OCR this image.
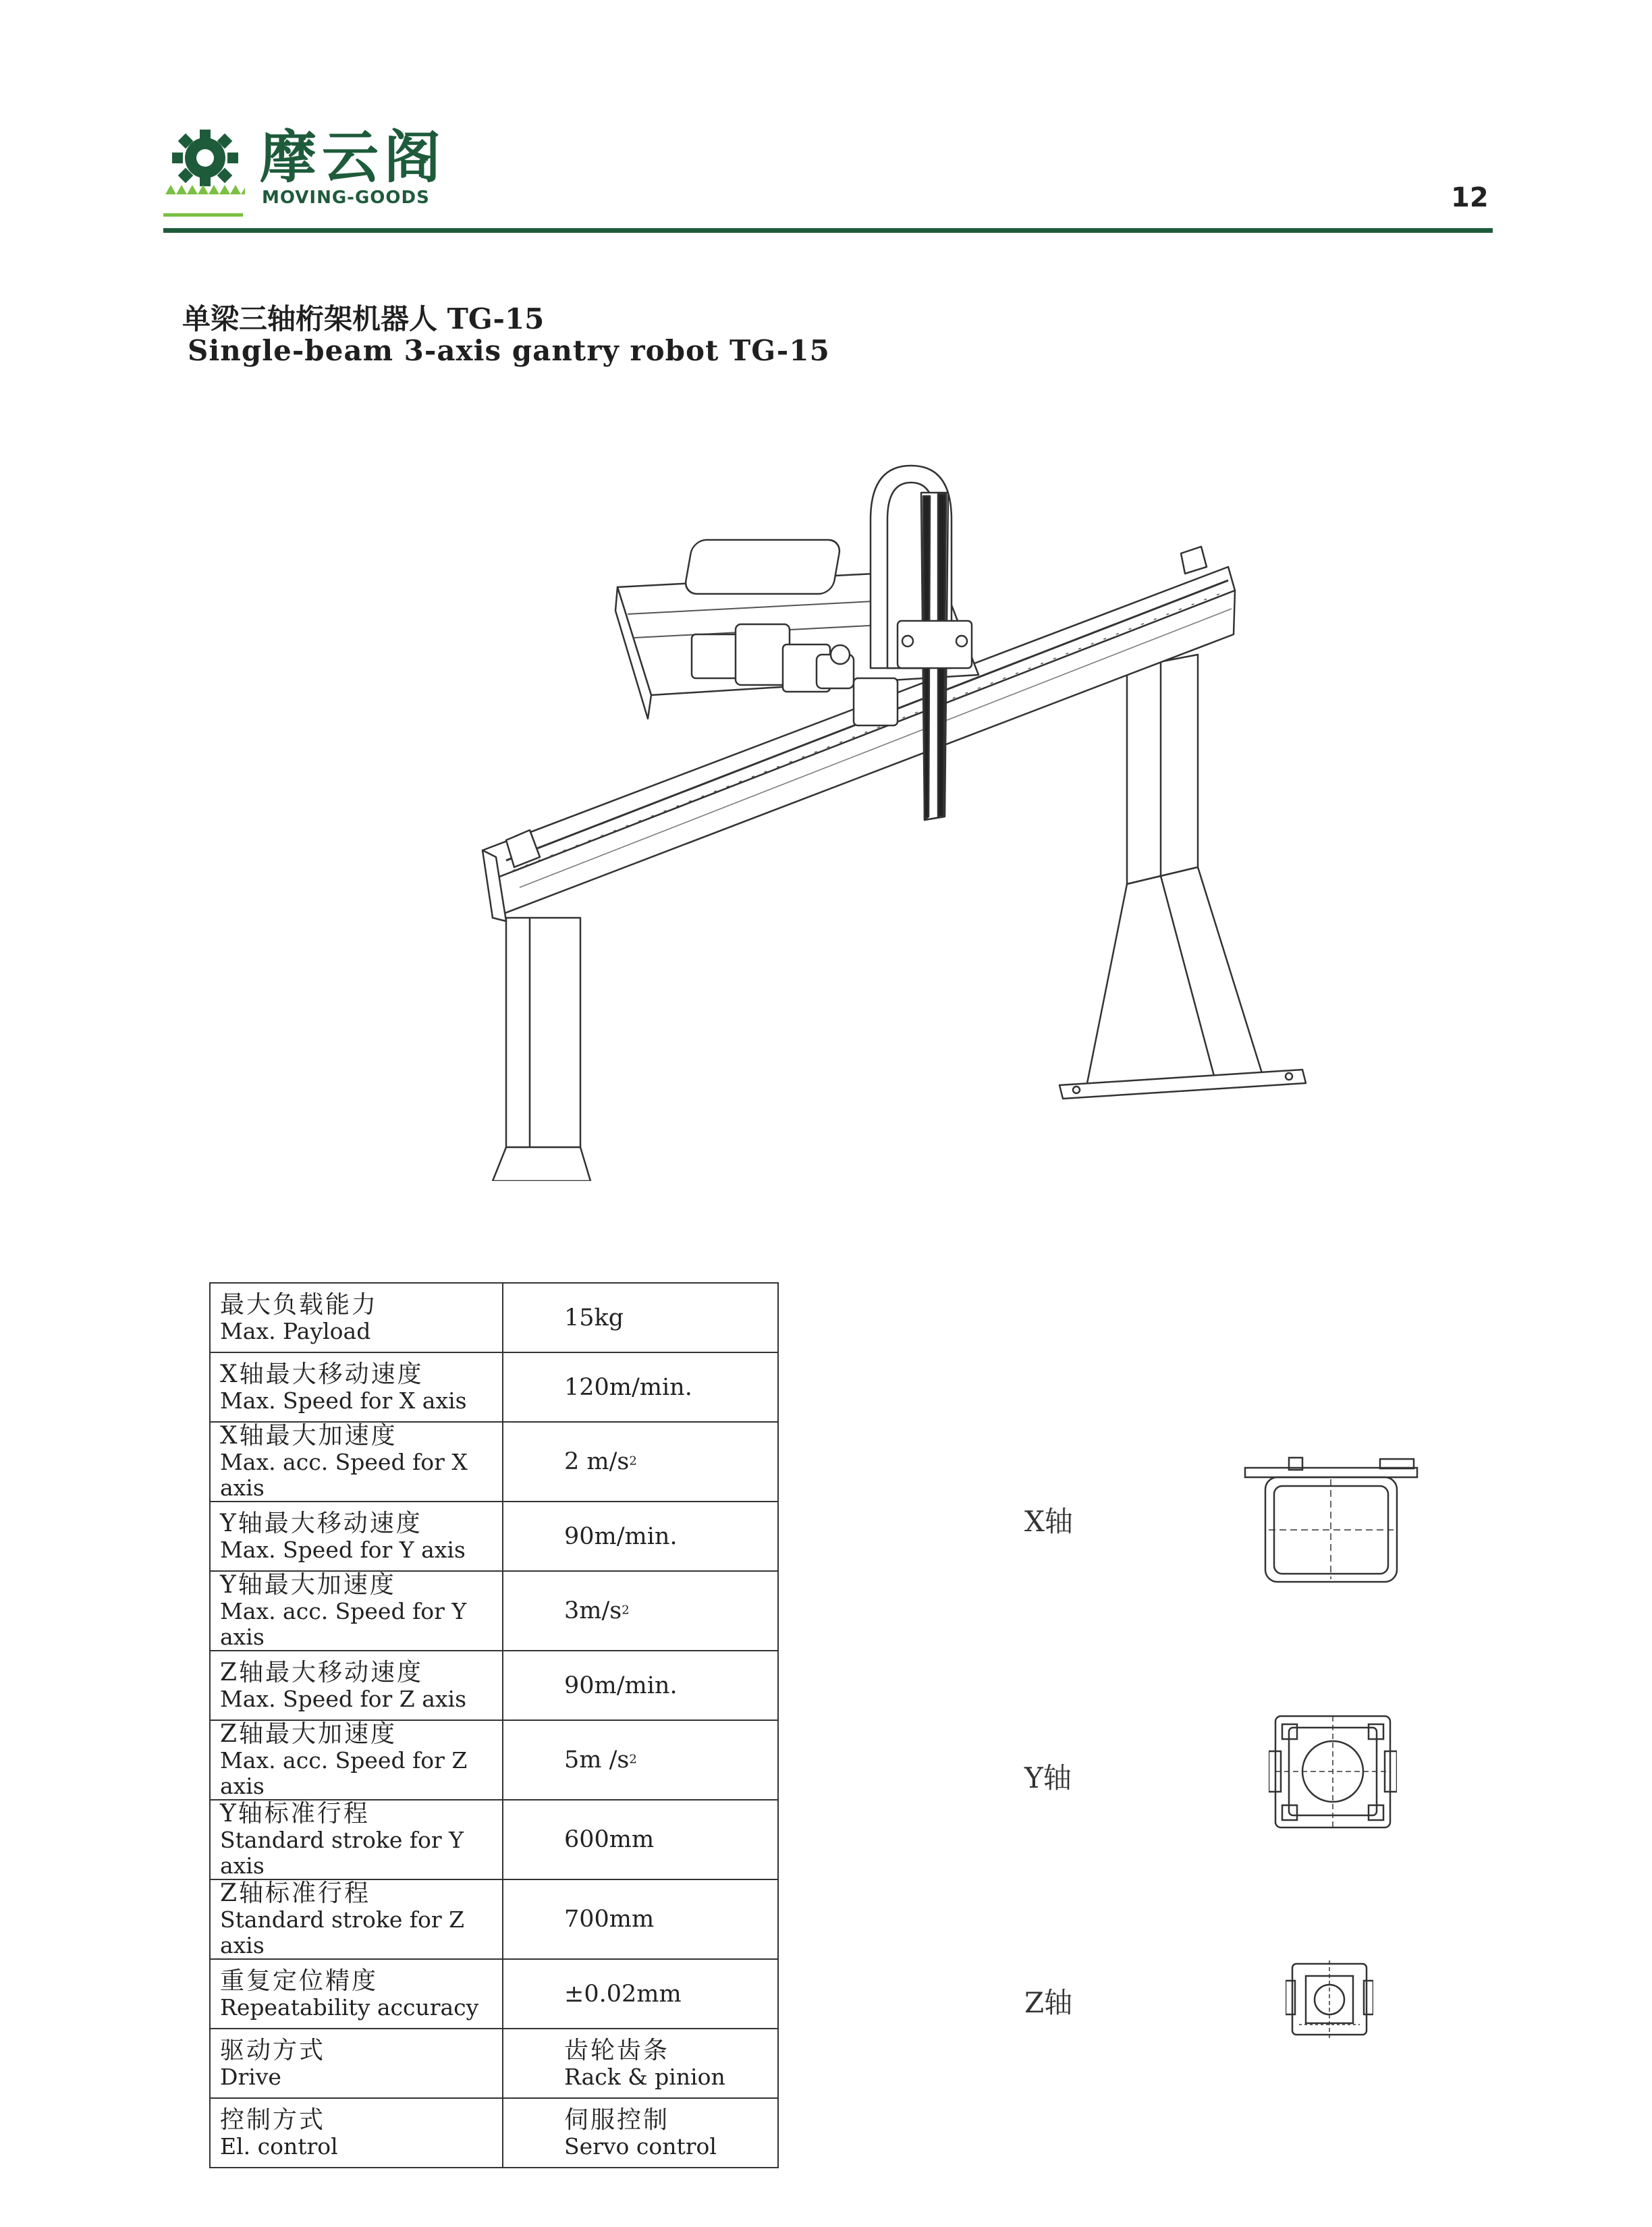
摩云阁
MOVING-GOODS	12
单梁三轴桁架机器人 TG-15
Single-beam 3-axis gantry robot TG-15
最大负载能力
Max. Payload	15kg

X轴最大移动速度
Max. Speed for X axis	120m/min.

X轴最大加速度
Max. acc. Speed for X axis	2 $m/s^2$

Y轴最大移动速度
Max. Speed for Y axis	90m/min.

Y轴最大加速度
Max. acc. Speed for Y axis	$3m/s^2$

Z轴最大移动速度
Max. Speed for Z axis	90m/min.

Z轴最大加速度
Max. acc. Speed for Z axis	5m $/s^2$

Y轴标准行程
Standard stroke for Y axis	600mm

Z轴标准行程
Standard stroke for Z axis	700mm

重复定位精度
Repeatability accuracy	±0.02mm

驱动方式
Drive	齿轮齿条
Rack & pinion

控制方式
El. control	伺服控制
Servo control
X轴
Y轴
Z轴
